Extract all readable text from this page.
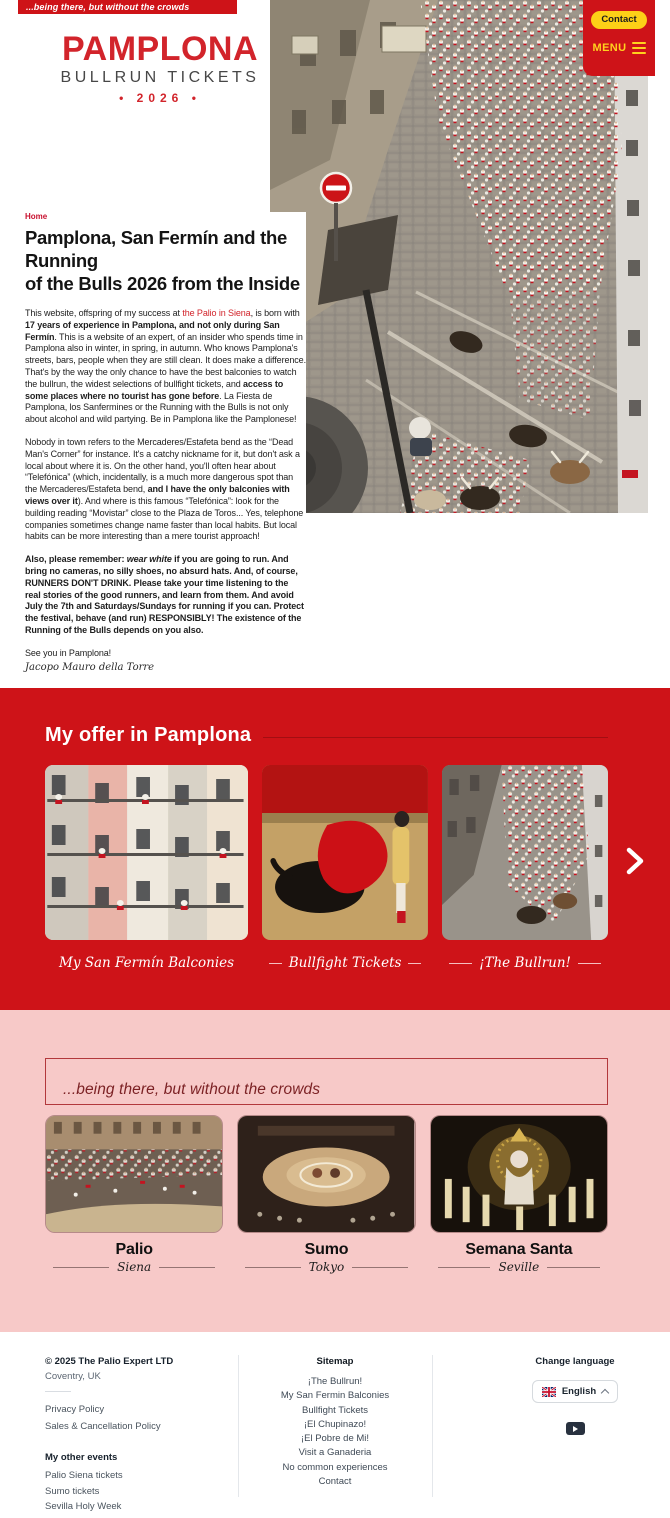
...being there, but without the crowds
PAMPLONA
BULLRUN TICKETS
• 2026 •
Contact
MENU
Home
Pamplona, San Fermín and the Running
of the Bulls 2026 from the Inside

This website, offspring of my success at the Palio in Siena, is born with 17 years of experience in Pamplona, and not only during San Fermín. This is a website of an expert, of an insider who spends time in Pamplona also in winter, in spring, in autumn. Who knows Pamplona's streets, bars, people when they are still clean. It does make a difference. That's by the way the only chance to have the best balconies to watch the bullrun, the widest selections of bullfight tickets, and access to some places where no tourist has gone before. La Fiesta de Pamplona, los Sanfermines or the Running with the Bulls is not only about alcohol and wild partying. Be in Pamplona like the Pamplonese!

Nobody in town refers to the Mercaderes/Estafeta bend as the “Dead Man's Corner” for instance. It's a catchy nickname for it, but don't ask a local about where it is. On the other hand, you'll often hear about “Telefónica” (which, incidentally, is a much more dangerous spot than the Mercaderes/Estafeta bend, and I have the only balconies with views over it). And where is this famous “Telefónica”: look for the building reading “Movistar” close to the Plaza de Toros... Yes, telephone companies sometimes change name faster than local habits. But local habits can be more interesting than a mere tourist approach!

Also, please remember: wear white if you are going to run. And bring no cameras, no silly shoes, no absurd hats. And, of course, RUNNERS DON'T DRINK. Please take your time listening to the real stories of the good runners, and learn from them. And avoid July the 7th and Saturdays/Sundays for running if you can. Protect the festival, behave (and run) RESPONSIBLY! The existence of the Running of the Bulls depends on you also.

See you in Pamplona!

Jacopo Mauro della Torre
My offer in Pamplona
My San Fermín Balconies	Bullfight Tickets	¡The Bullrun!
...being there, but without the crowds
Palio
Siena
Sumo
Tokyo
Semana Santa
Seville
© 2025 The Palio Expert LTD
Coventry, UK
Privacy Policy
Sales & Cancellation Policy
My other events
Palio Siena tickets
Sumo tickets
Sevilla Holy Week
Sitemap
¡The Bullrun!
My San Fermin Balconies
Bullfight Tickets
¡El Chupinazo!
¡El Pobre de Mi!
Visit a Ganaderia
No common experiences
Contact
Change language
English
